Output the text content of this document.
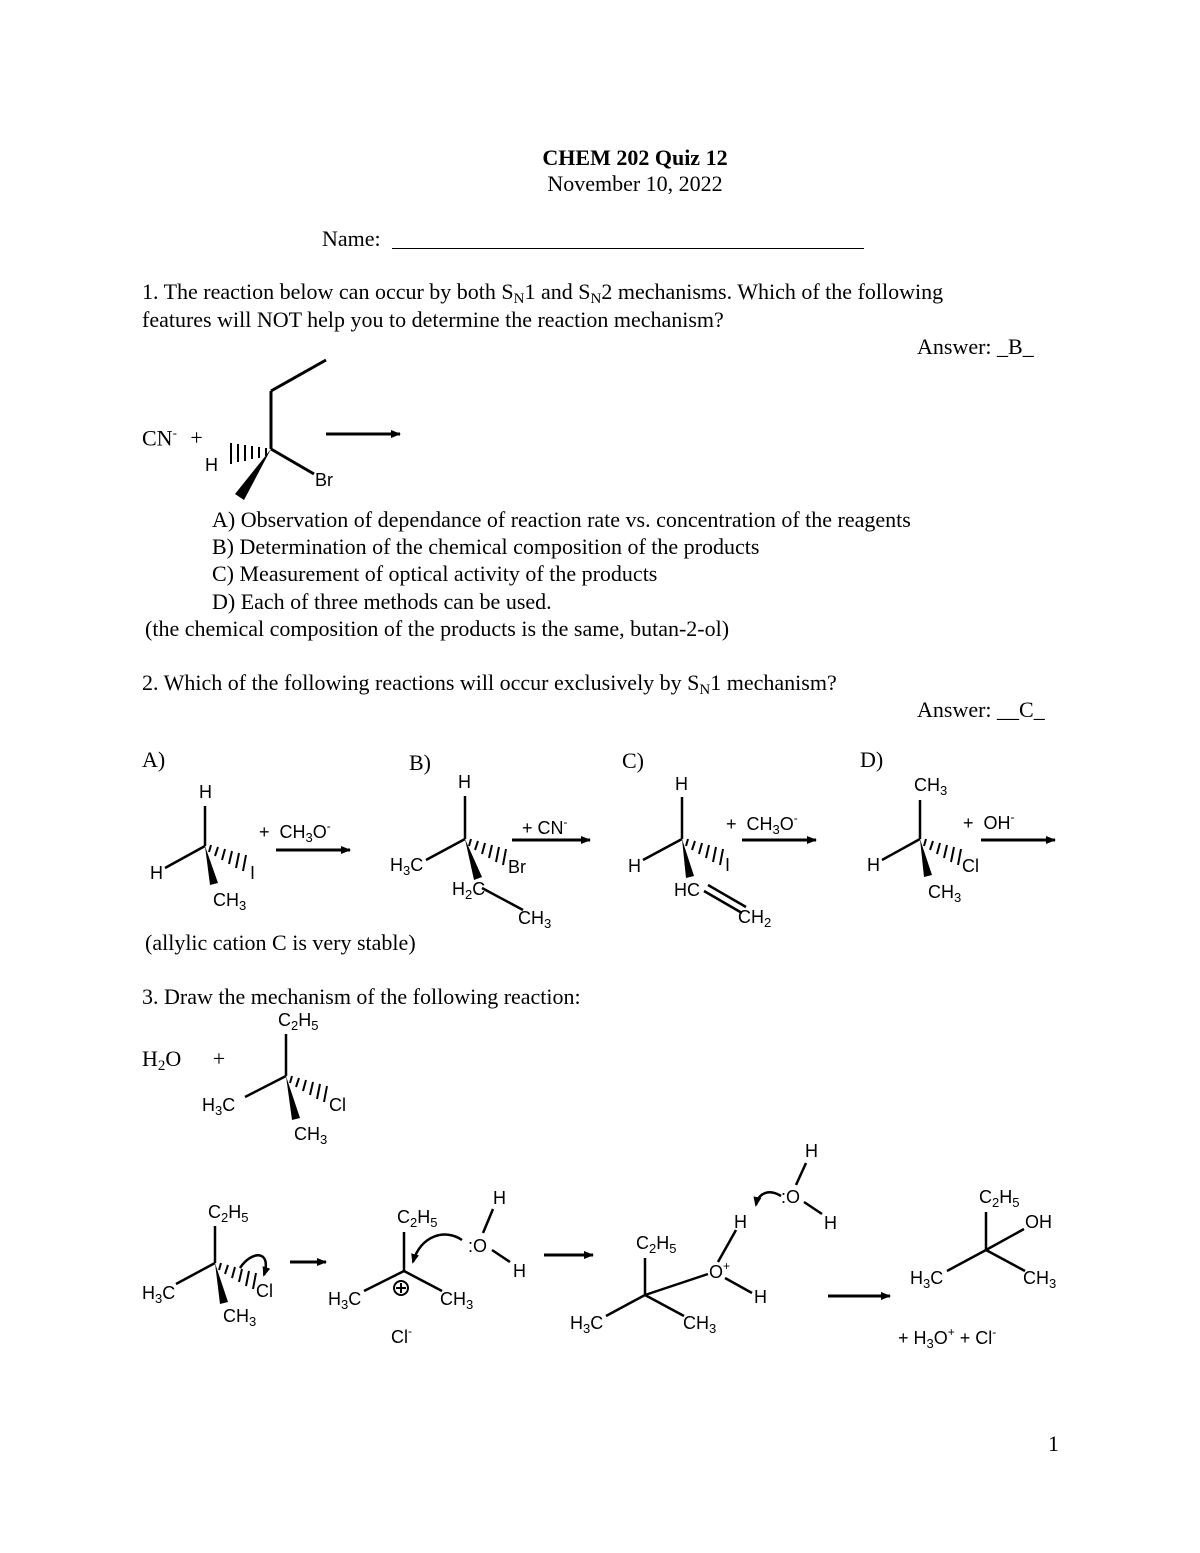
CHEM 202 Quiz 12
November 10, 2022
Name:
1. The reaction below can occur by both SN1 and SN2 mechanisms. Which of the following
features will NOT help you to determine the reaction mechanism?
Answer: _B_
CN- +
A) Observation of dependance of reaction rate vs. concentration of the reagents
B) Determination of the chemical composition of the products
C) Measurement of optical activity of the products
D) Each of three methods can be used.
(the chemical composition of the products is the same, butan-2-ol)
2. Which of the following reactions will occur exclusively by SN1 mechanism?
Answer: __C_
A)	B)	C)	D)
(allylic cation C is very stable)
3. Draw the mechanism of the following reaction:
H2O +
1
H
Br
H
H	I
$CH_3$
+  $CH_3O^-$
H
$H_3C$
$H_2C$
$CH_3$
Br
+ CN-
H
H
HC
$CH_2$
I
+  $CH_3O^-$
$CH_3$
H
$CH_3$
Cl
+  OH-
$C_2H_5$
$H_3C$
$CH_3$
Cl
$C_2H_5$
$H_3C$
$CH_3$
Cl
$C_2H_5$
$H_3C$	$CH_3$
Cl-
H
:O
H
$C_2H_5$
$H_3C$	$CH_3$
O+
H
H
H
:O
H
$C_2H_5$
OH
$H_3C$	$CH_3$
+ $H_3O^+ + Cl^-$
